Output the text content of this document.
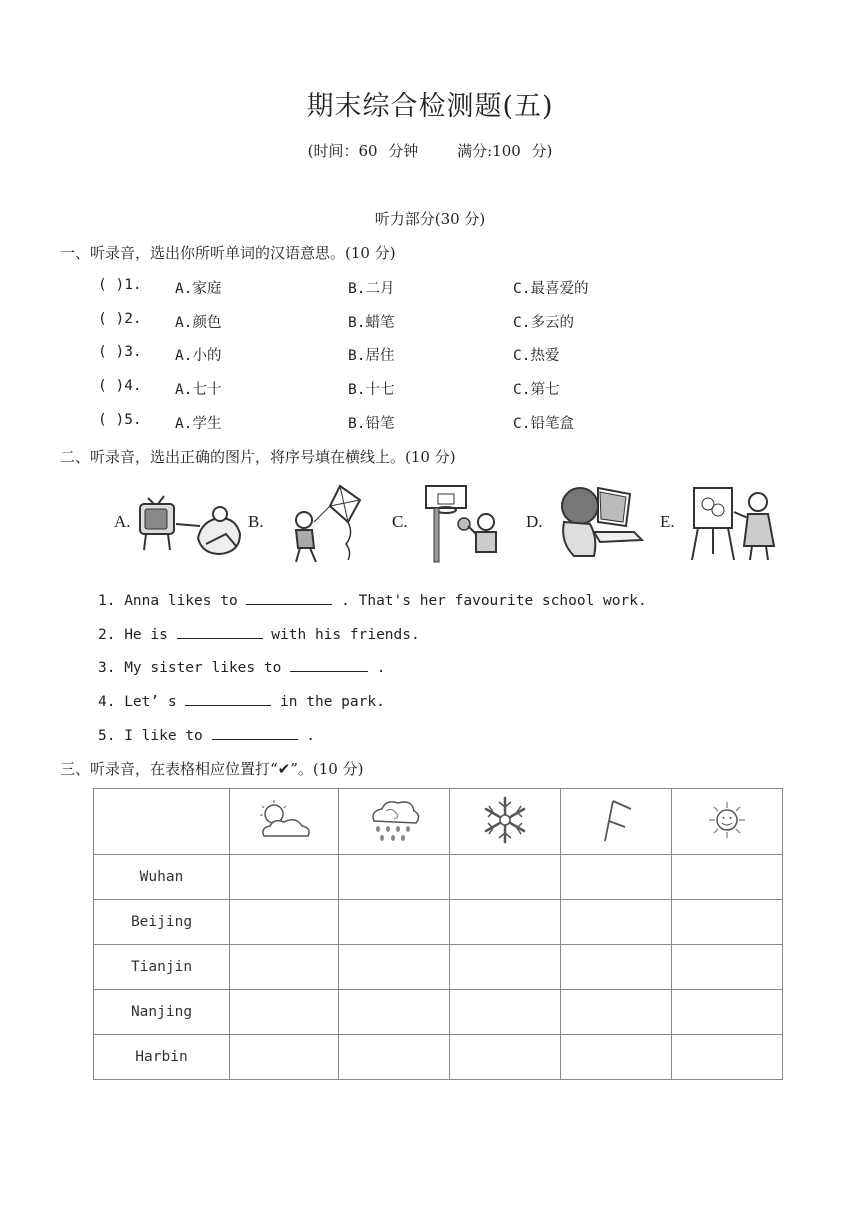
期末综合检测题(五)
(时间：60 分钟	满分:100 分)
听力部分(30 分)
一、听录音，选出你所听单词的汉语意思。(10 分)
( )1. A.家庭	B.二月	C.最喜爱的
( )2. A.颜色	B.蜡笔	C.多云的
( )3. A.小的	B.居住	C.热爱
( )4. A.七十	B.十七	C.第七
( )5. A.学生	B.铅笔	C.铅笔盒
二、听录音，选出正确的图片，将序号填在横线上。(10 分)
A.	B.	C.	D.	E.
1. Anna likes to	. That's her favourite school work.
2. He is	with his friends.
3. My sister likes to	.
4. Let’ s	in the park.
5. I like to	.
三、听录音，在表格相应位置打“✔”。(10 分)

Wuhan					
Beijing					
Tianjin					
Nanjing					
Harbin					
